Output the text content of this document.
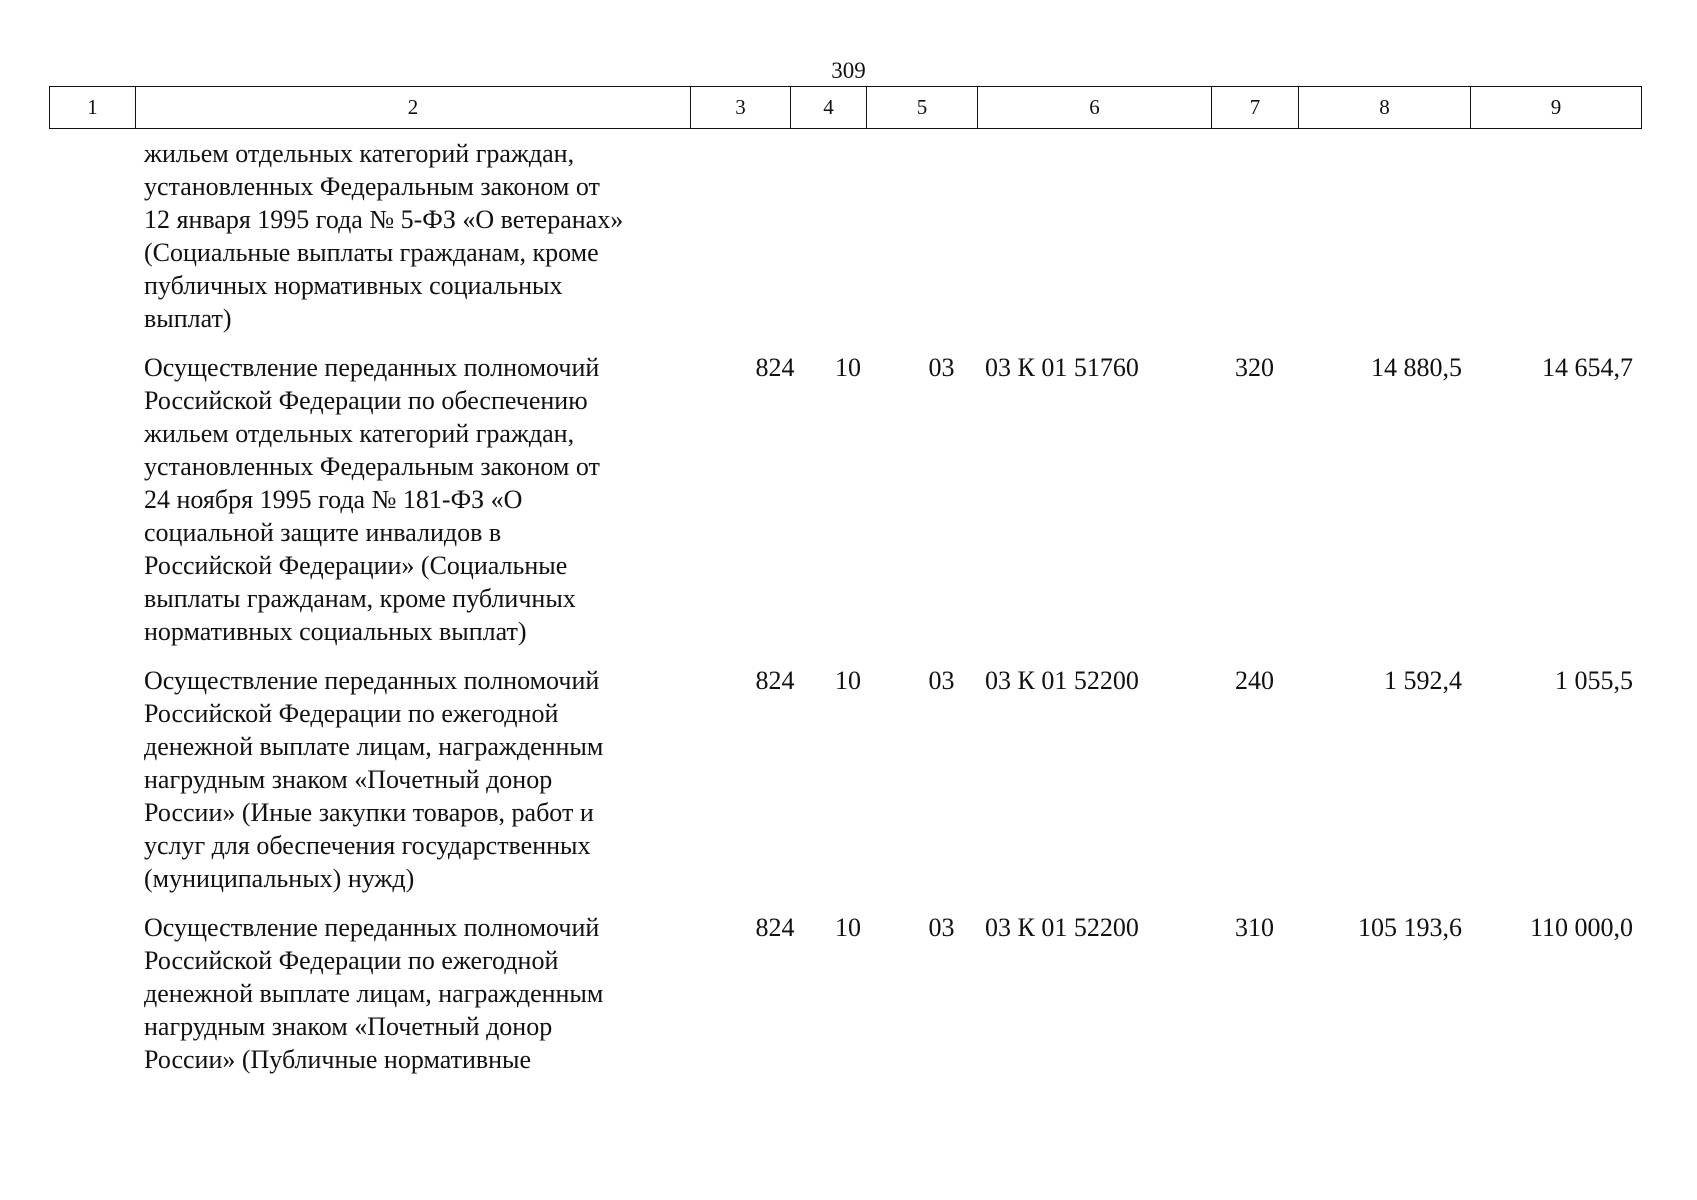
309
1	2	3	4	5	6	7	8	9
жильем отдельных категорий граждан,
установленных Федеральным законом от
12 января 1995 года № 5-ФЗ «О ветеранах»
(Социальные выплаты гражданам, кроме
публичных нормативных социальных
выплат)
Осуществление переданных полномочий
Российской Федерации по обеспечению
жильем отдельных категорий граждан,
установленных Федеральным законом от
24 ноября 1995 года № 181-ФЗ «О
социальной защите инвалидов в
Российской Федерации» (Социальные
выплаты гражданам, кроме публичных
нормативных социальных выплат)
824	10	03	03 К 01 51760	320	14 880,5	14 654,7
Осуществление переданных полномочий
Российской Федерации по ежегодной
денежной выплате лицам, награжденным
нагрудным знаком «Почетный донор
России» (Иные закупки товаров, работ и
услуг для обеспечения государственных
(муниципальных) нужд)
824	10	03	03 К 01 52200	240	1 592,4	1 055,5
Осуществление переданных полномочий
Российской Федерации по ежегодной
денежной выплате лицам, награжденным
нагрудным знаком «Почетный донор
России» (Публичные нормативные
824	10	03	03 К 01 52200	310	105 193,6	110 000,0
